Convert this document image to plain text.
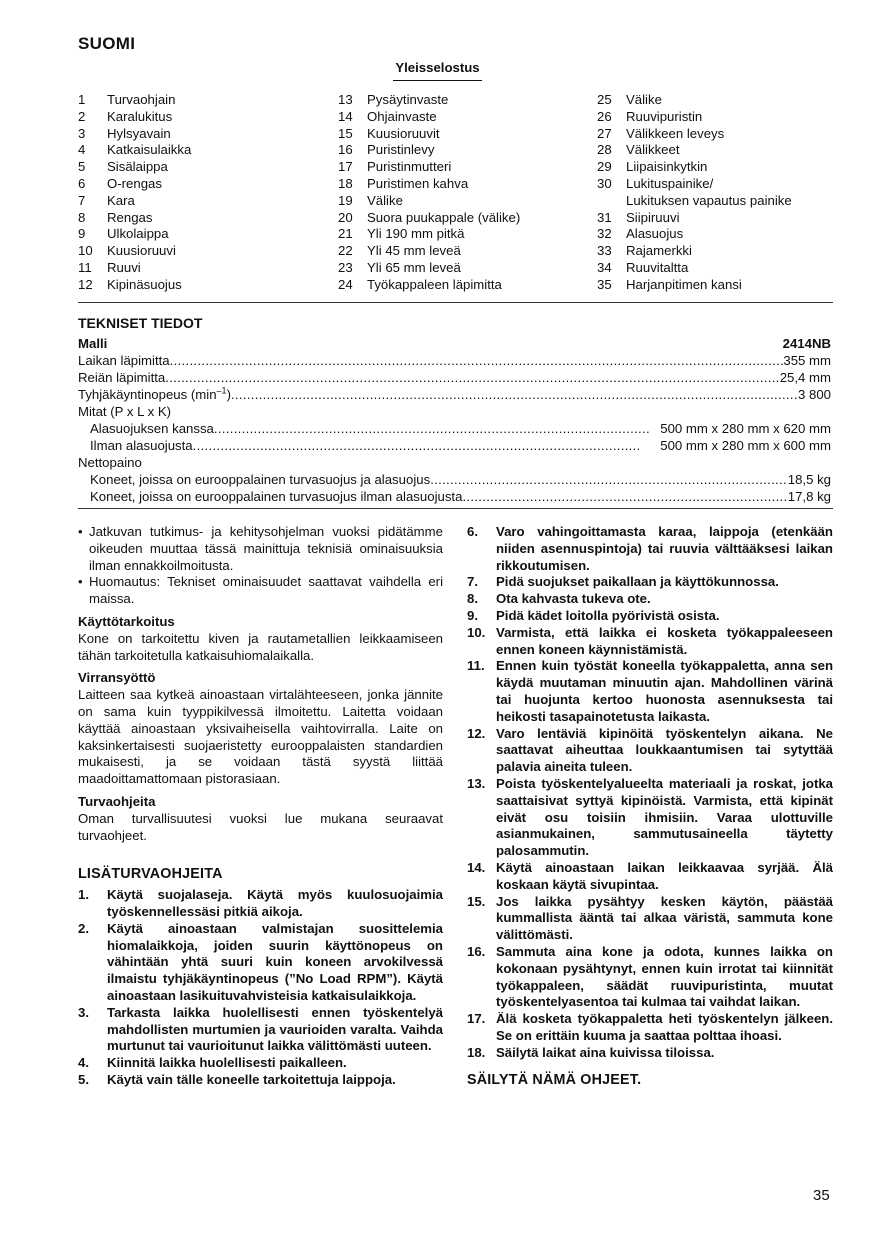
SUOMI
Yleisselostus
1 Turvaohjain
2 Karalukitus
3 Hylsyavain
4 Katkaisulaikka
5 Sisälaippa
6 O-rengas
7 Kara
8 Rengas
9 Ulkolaippa
10 Kuusioruuvi
11 Ruuvi
12 Kipinäsuojus
13 Pysäytinvaste
14 Ohjainvaste
15 Kuusioruuvit
16 Puristinlevy
17 Puristinmutteri
18 Puristimen kahva
19 Välike
20 Suora puukappale (välike)
21 Yli 190 mm pitkä
22 Yli 45 mm leveä
23 Yli 65 mm leveä
24 Työkappaleen läpimitta
25 Välike
26 Ruuvipuristin
27 Välikkeen leveys
28 Välikkeet
29 Liipaisinkytkin
30 Lukituspainike/
Lukituksen vapautus painike
31 Siipiruuvi
32 Alasuojus
33 Rajamerkki
34 Ruuvitaltta
35 Harjanpitimen kansi
TEKNISET TIEDOT
Malli	2414NB
Laikan läpimitta .....	355 mm
Reiän läpimitta .....	25,4 mm
Tyhjäkäyntinopeus $(\min^{-1})$ .....	3 800
Mitat (P x L x K)
Alasuojuksen kanssa .....	500 mm x 280 mm x 620 mm
Ilman alasuojusta .....	500 mm x 280 mm x 600 mm
Nettopaino
Koneet, joissa on eurooppalainen turvasuojus ja alasuojus .....	18,5 kg
Koneet, joissa on eurooppalainen turvasuojus ilman alasuojusta .....	17,8 kg
• Jatkuvan tutkimus- ja kehitysohjelman vuoksi pidätämme oikeuden muuttaa tässä mainittuja teknisiä ominaisuuksia ilman ennakkoilmoitusta.
• Huomautus: Tekniset ominaisuudet saattavat vaihdella eri maissa.
Käyttötarkoitus
Kone on tarkoitettu kiven ja rautametallien leikkaamiseen tähän tarkoitetulla katkaisuhiomalaikalla.
Virransyöttö
Laitteen saa kytkeä ainoastaan virtalähteeseen, jonka jännite on sama kuin tyyppikilvessä ilmoitettu. Laitetta voidaan käyttää ainoastaan yksivaiheisella vaihtovirralla. Laite on kaksinkertaisesti suojaeristetty eurooppalaisten standardien mukaisesti, ja se voidaan tästä syystä liittää maadoittamattomaan pistorasiaan.
Turvaohjeita
Oman turvallisuutesi vuoksi lue mukana seuraavat turvaohjeet.
LISÄTURVAOHJEITA
1. Käytä suojalaseja. Käytä myös kuulosuojaimia työskennellessäsi pitkiä aikoja.
2. Käytä ainoastaan valmistajan suosittelemia hiomalaikkoja, joiden suurin käyttönopeus on vähintään yhtä suuri kuin koneen arvokilvessä ilmaistu tyhjäkäyntinopeus (”No Load RPM”). Käytä ainoastaan lasikuituvahvisteisia katkaisulaikkoja.
3. Tarkasta laikka huolellisesti ennen työskentelyä mahdollisten murtumien ja vaurioiden varalta. Vaihda murtunut tai vaurioitunut laikka välittömästi uuteen.
4. Kiinnitä laikka huolellisesti paikalleen.
5. Käytä vain tälle koneelle tarkoitettuja laippoja.
6. Varo vahingoittamasta karaa, laippoja (etenkään niiden asennuspintoja) tai ruuvia välttääksesi laikan rikkoutumisen.
7. Pidä suojukset paikallaan ja käyttökunnossa.
8. Ota kahvasta tukeva ote.
9. Pidä kädet loitolla pyörivistä osista.
10. Varmista, että laikka ei kosketa työkappaleeseen ennen koneen käynnistämistä.
11. Ennen kuin työstät koneella työkappaletta, anna sen käydä muutaman minuutin ajan. Mahdollinen värinä tai huojunta kertoo huonosta asennuksesta tai heikosti tasapainotetusta laikasta.
12. Varo lentäviä kipinöitä työskentelyn aikana. Ne saattavat aiheuttaa loukkaantumisen tai sytyttää palavia aineita tuleen.
13. Poista työskentelyalueelta materiaali ja roskat, jotka saattaisivat syttyä kipinöistä. Varmista, että kipinät eivät osu toisiin ihmisiin. Varaa ulottuville asianmukainen, sammutusaineella täytetty palosammutin.
14. Käytä ainoastaan laikan leikkaavaa syrjää. Älä koskaan käytä sivupintaa.
15. Jos laikka pysähtyy kesken käytön, päästää kummallista ääntä tai alkaa väristä, sammuta kone välittömästi.
16. Sammuta aina kone ja odota, kunnes laikka on kokonaan pysähtynyt, ennen kuin irrotat tai kiinnität työkappaleen, säädät ruuvipuristinta, muutat työskentelyasentoa tai kulmaa tai vaihdat laikan.
17. Älä kosketa työkappaletta heti työskentelyn jälkeen. Se on erittäin kuuma ja saattaa polttaa ihoasi.
18. Säilytä laikat aina kuivissa tiloissa.
SÄILYTÄ NÄMÄ OHJEET.
35
